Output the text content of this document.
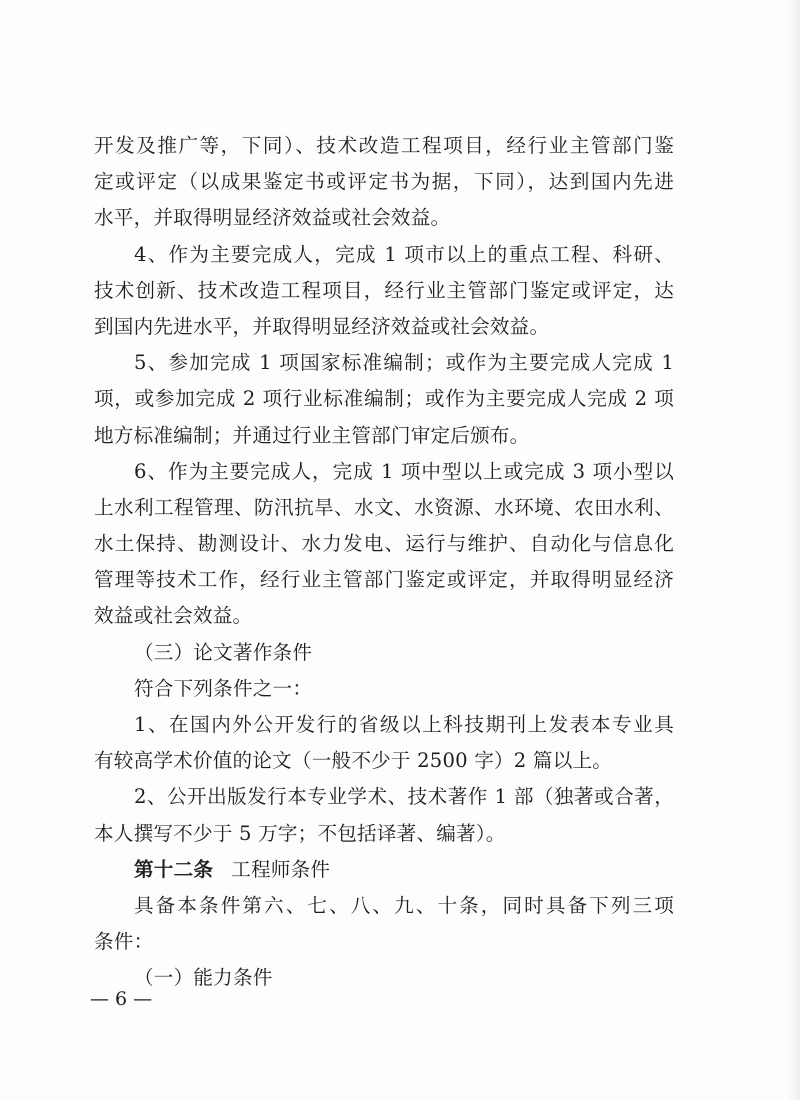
开发及推广等，下同）、技术改造工程项目，经行业主管部门鉴
定或评定（以成果鉴定书或评定书为据，下同），达到国内先进
水平，并取得明显经济效益或社会效益。
4、作为主要完成人，完成 1 项市以上的重点工程、科研、
技术创新、技术改造工程项目，经行业主管部门鉴定或评定，达
到国内先进水平，并取得明显经济效益或社会效益。
5、参加完成 1 项国家标准编制；或作为主要完成人完成 1
项，或参加完成 2 项行业标准编制；或作为主要完成人完成 2 项
地方标准编制；并通过行业主管部门审定后颁布。
6、作为主要完成人，完成 1 项中型以上或完成 3 项小型以
上水利工程管理、防汛抗旱、水文、水资源、水环境、农田水利、
水土保持、勘测设计、水力发电、运行与维护、自动化与信息化
管理等技术工作，经行业主管部门鉴定或评定，并取得明显经济
效益或社会效益。
（三）论文著作条件
符合下列条件之一：
1、在国内外公开发行的省级以上科技期刊上发表本专业具
有较高学术价值的论文（一般不少于 2500 字）2 篇以上。
2、公开出版发行本专业学术、技术著作 1 部（独著或合著，
本人撰写不少于 5 万字；不包括译著、编著）。
第十二条 工程师条件
具备本条件第六、七、八、九、十条，同时具备下列三项
条件：
（一）能力条件
— 6 —
